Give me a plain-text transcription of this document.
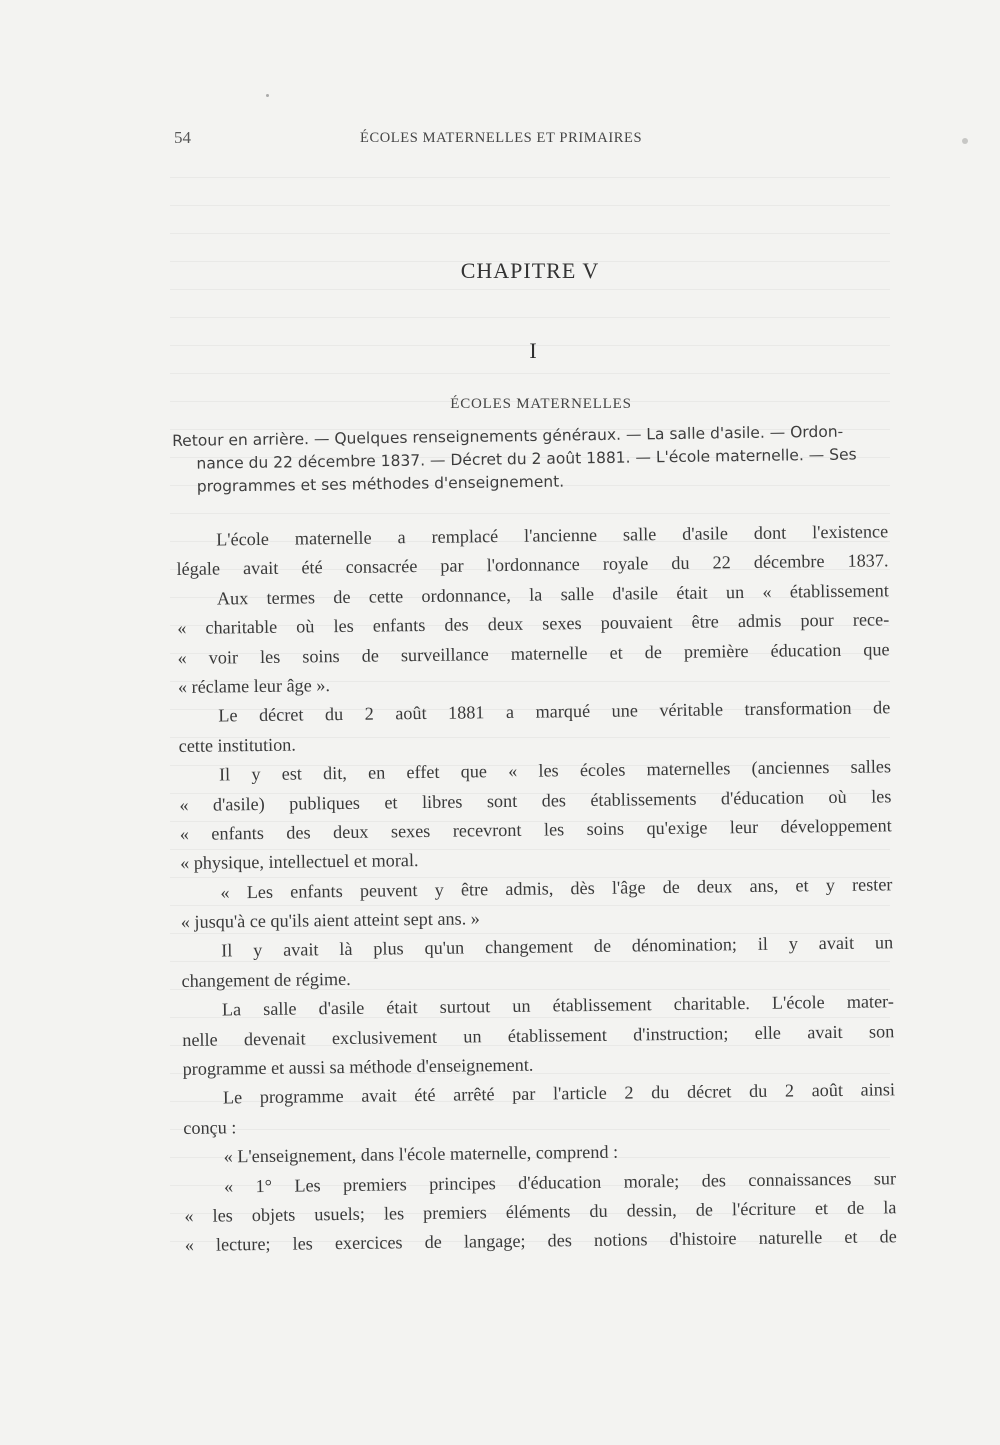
54	ÉCOLES MATERNELLES ET PRIMAIRES
CHAPITRE V
I
ÉCOLES MATERNELLES
Retour en arrière. — Quelques renseignements généraux. — La salle d'asile. — Ordon-
nance du 22 décembre 1837. — Décret du 2 août 1881. — L'école maternelle. — Ses
programmes et ses méthodes d'enseignement.
L'école maternelle a remplacé l'ancienne salle d'asile dont l'existence
légale avait été consacrée par l'ordonnance royale du 22 décembre 1837.
Aux termes de cette ordonnance, la salle d'asile était un « établissement
« charitable où les enfants des deux sexes pouvaient être admis pour rece-
« voir les soins de surveillance maternelle et de première éducation que
« réclame leur âge ».
Le décret du 2 août 1881 a marqué une véritable transformation de
cette institution.
Il y est dit, en effet que « les écoles maternelles (anciennes salles
« d'asile) publiques et libres sont des établissements d'éducation où les
« enfants des deux sexes recevront les soins qu'exige leur développement
« physique, intellectuel et moral.
« Les enfants peuvent y être admis, dès l'âge de deux ans, et y rester
« jusqu'à ce qu'ils aient atteint sept ans. »
Il y avait là plus qu'un changement de dénomination; il y avait un
changement de régime.
La salle d'asile était surtout un établissement charitable. L'école mater-
nelle devenait exclusivement un établissement d'instruction; elle avait son
programme et aussi sa méthode d'enseignement.
Le programme avait été arrêté par l'article 2 du décret du 2 août ainsi
conçu :
« L'enseignement, dans l'école maternelle, comprend :
« 1° Les premiers principes d'éducation morale; des connaissances sur
« les objets usuels; les premiers éléments du dessin, de l'écriture et de la
« lecture; les exercices de langage; des notions d'histoire naturelle et de
